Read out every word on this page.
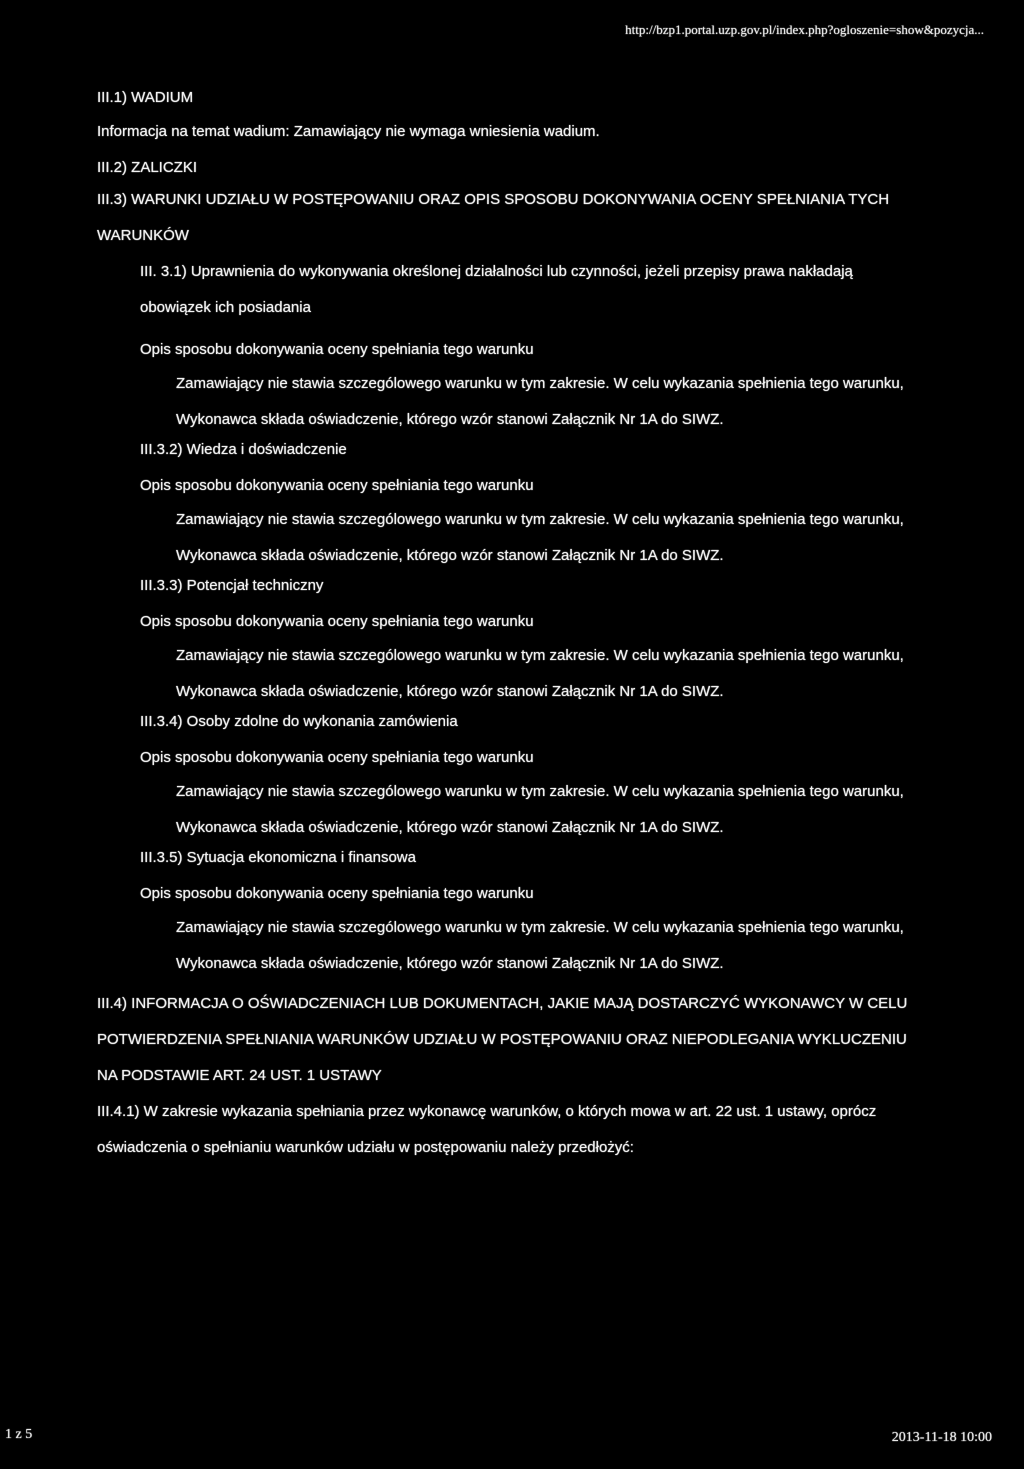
http://bzp1.portal.uzp.gov.pl/index.php?ogloszenie=show&pozycja...

III.1) WADIUM

Informacja na temat wadium: Zamawiający nie wymaga wniesienia wadium.

III.2) ZALICZKI

III.3) WARUNKI UDZIAŁU W POSTĘPOWANIU ORAZ OPIS SPOSOBU DOKONYWANIA OCENY SPEŁNIANIA TYCH WARUNKÓW

III. 3.1) Uprawnienia do wykonywania określonej działalności lub czynności, jeżeli przepisy prawa nakładają obowiązek ich posiadania

Opis sposobu dokonywania oceny spełniania tego warunku

Zamawiający nie stawia szczególowego warunku w tym zakresie. W celu wykazania spełnienia tego warunku, Wykonawca składa oświadczenie, którego wzór stanowi Załącznik Nr 1A do SIWZ.

III.3.2) Wiedza i doświadczenie

Opis sposobu dokonywania oceny spełniania tego warunku

Zamawiający nie stawia szczególowego warunku w tym zakresie. W celu wykazania spełnienia tego warunku, Wykonawca składa oświadczenie, którego wzór stanowi Załącznik Nr 1A do SIWZ.

III.3.3) Potencjał techniczny

Opis sposobu dokonywania oceny spełniania tego warunku

Zamawiający nie stawia szczególowego warunku w tym zakresie. W celu wykazania spełnienia tego warunku, Wykonawca składa oświadczenie, którego wzór stanowi Załącznik Nr 1A do SIWZ.

III.3.4) Osoby zdolne do wykonania zamówienia

Opis sposobu dokonywania oceny spełniania tego warunku

Zamawiający nie stawia szczególowego warunku w tym zakresie. W celu wykazania spełnienia tego warunku, Wykonawca składa oświadczenie, którego wzór stanowi Załącznik Nr 1A do SIWZ.

III.3.5) Sytuacja ekonomiczna i finansowa

Opis sposobu dokonywania oceny spełniania tego warunku

Zamawiający nie stawia szczególowego warunku w tym zakresie. W celu wykazania spełnienia tego warunku, Wykonawca składa oświadczenie, którego wzór stanowi Załącznik Nr 1A do SIWZ.

III.4) INFORMACJA O OŚWIADCZENIACH LUB DOKUMENTACH, JAKIE MAJĄ DOSTARCZYĆ WYKONAWCY W CELU POTWIERDZENIA SPEŁNIANIA WARUNKÓW UDZIAŁU W POSTĘPOWANIU ORAZ NIEPODLEGANIA WYKLUCZENIU NA PODSTAWIE ART. 24 UST. 1 USTAWY

III.4.1) W zakresie wykazania spełniania przez wykonawcę warunków, o których mowa w art. 22 ust. 1 ustawy, oprócz oświadczenia o spełnianiu warunków udziału w postępowaniu należy przedłożyć:

1 z 5	2013-11-18 10:00
